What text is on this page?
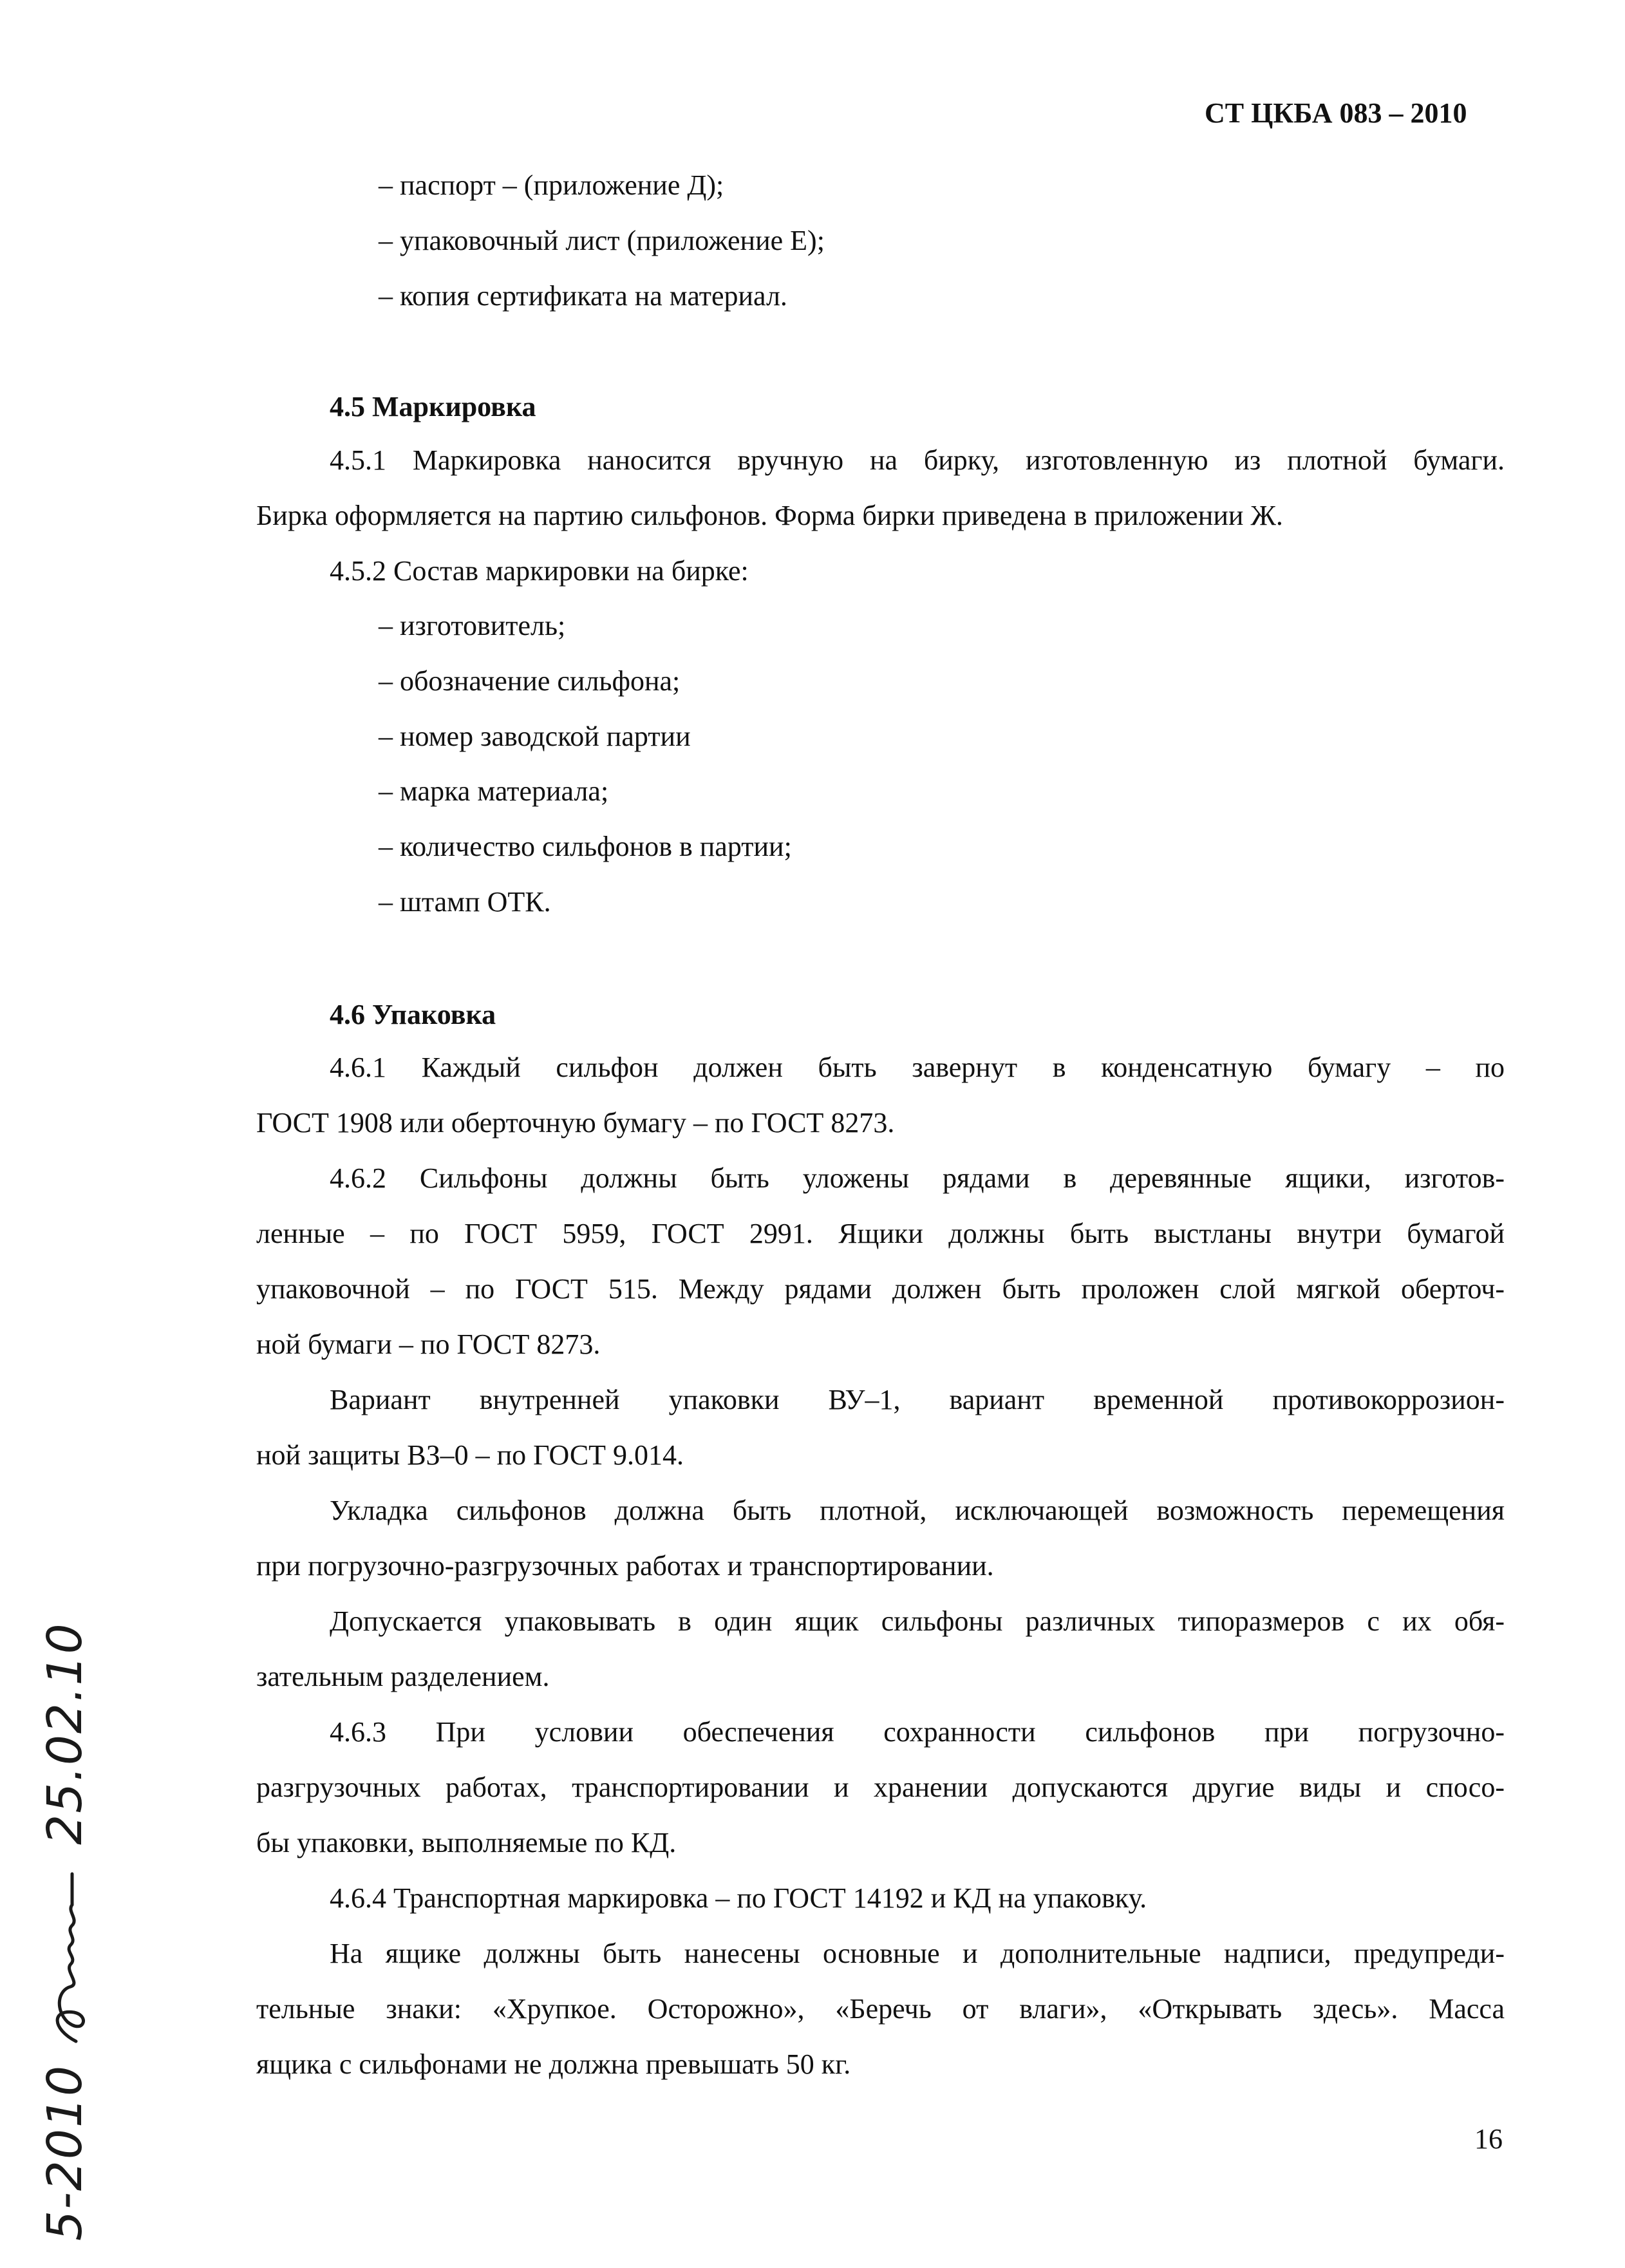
СТ ЦКБА 083 – 2010
– паспорт – (приложение Д);
– упаковочный лист (приложение Е);
– копия сертификата на материал.
4.5 Маркировка
4.5.1 Маркировка наносится вручную на бирку, изготовленную из плотной бумаги.
Бирка оформляется на партию сильфонов. Форма бирки приведена в приложении Ж.
4.5.2 Состав маркировки на бирке:
– изготовитель;
– обозначение сильфона;
– номер заводской партии
– марка материала;
– количество сильфонов в партии;
– штамп ОТК.
4.6 Упаковка
4.6.1 Каждый сильфон должен быть завернут в конденсатную бумагу – по
ГОСТ 1908 или оберточную бумагу – по ГОСТ 8273.
4.6.2 Сильфоны должны быть уложены рядами в деревянные ящики, изготов-
ленные – по ГОСТ 5959, ГОСТ 2991. Ящики должны быть выстланы внутри бумагой
упаковочной – по ГОСТ 515. Между рядами должен быть проложен слой мягкой оберточ-
ной бумаги – по ГОСТ 8273.
Вариант внутренней упаковки ВУ–1, вариант временной противокоррозион-
ной защиты ВЗ–0 – по ГОСТ 9.014.
Укладка сильфонов должна быть плотной, исключающей возможность перемещения
при погрузочно-разгрузочных работах и транспортировании.
Допускается упаковывать в один ящик сильфоны различных типоразмеров с их обя-
зательным разделением.
4.6.3 При условии обеспечения сохранности сильфонов при погрузочно-
разгрузочных работах, транспортировании и хранении допускаются другие виды и спосо-
бы упаковки, выполняемые по КД.
4.6.4 Транспортная маркировка – по ГОСТ 14192 и КД на упаковку.
На ящике должны быть нанесены основные и дополнительные надписи, предупреди-
тельные знаки: «Хрупкое. Осторожно», «Беречь от влаги», «Открывать здесь». Масса
ящика с сильфонами не должна превышать 50 кг.
16
5-2010  25.02.10
